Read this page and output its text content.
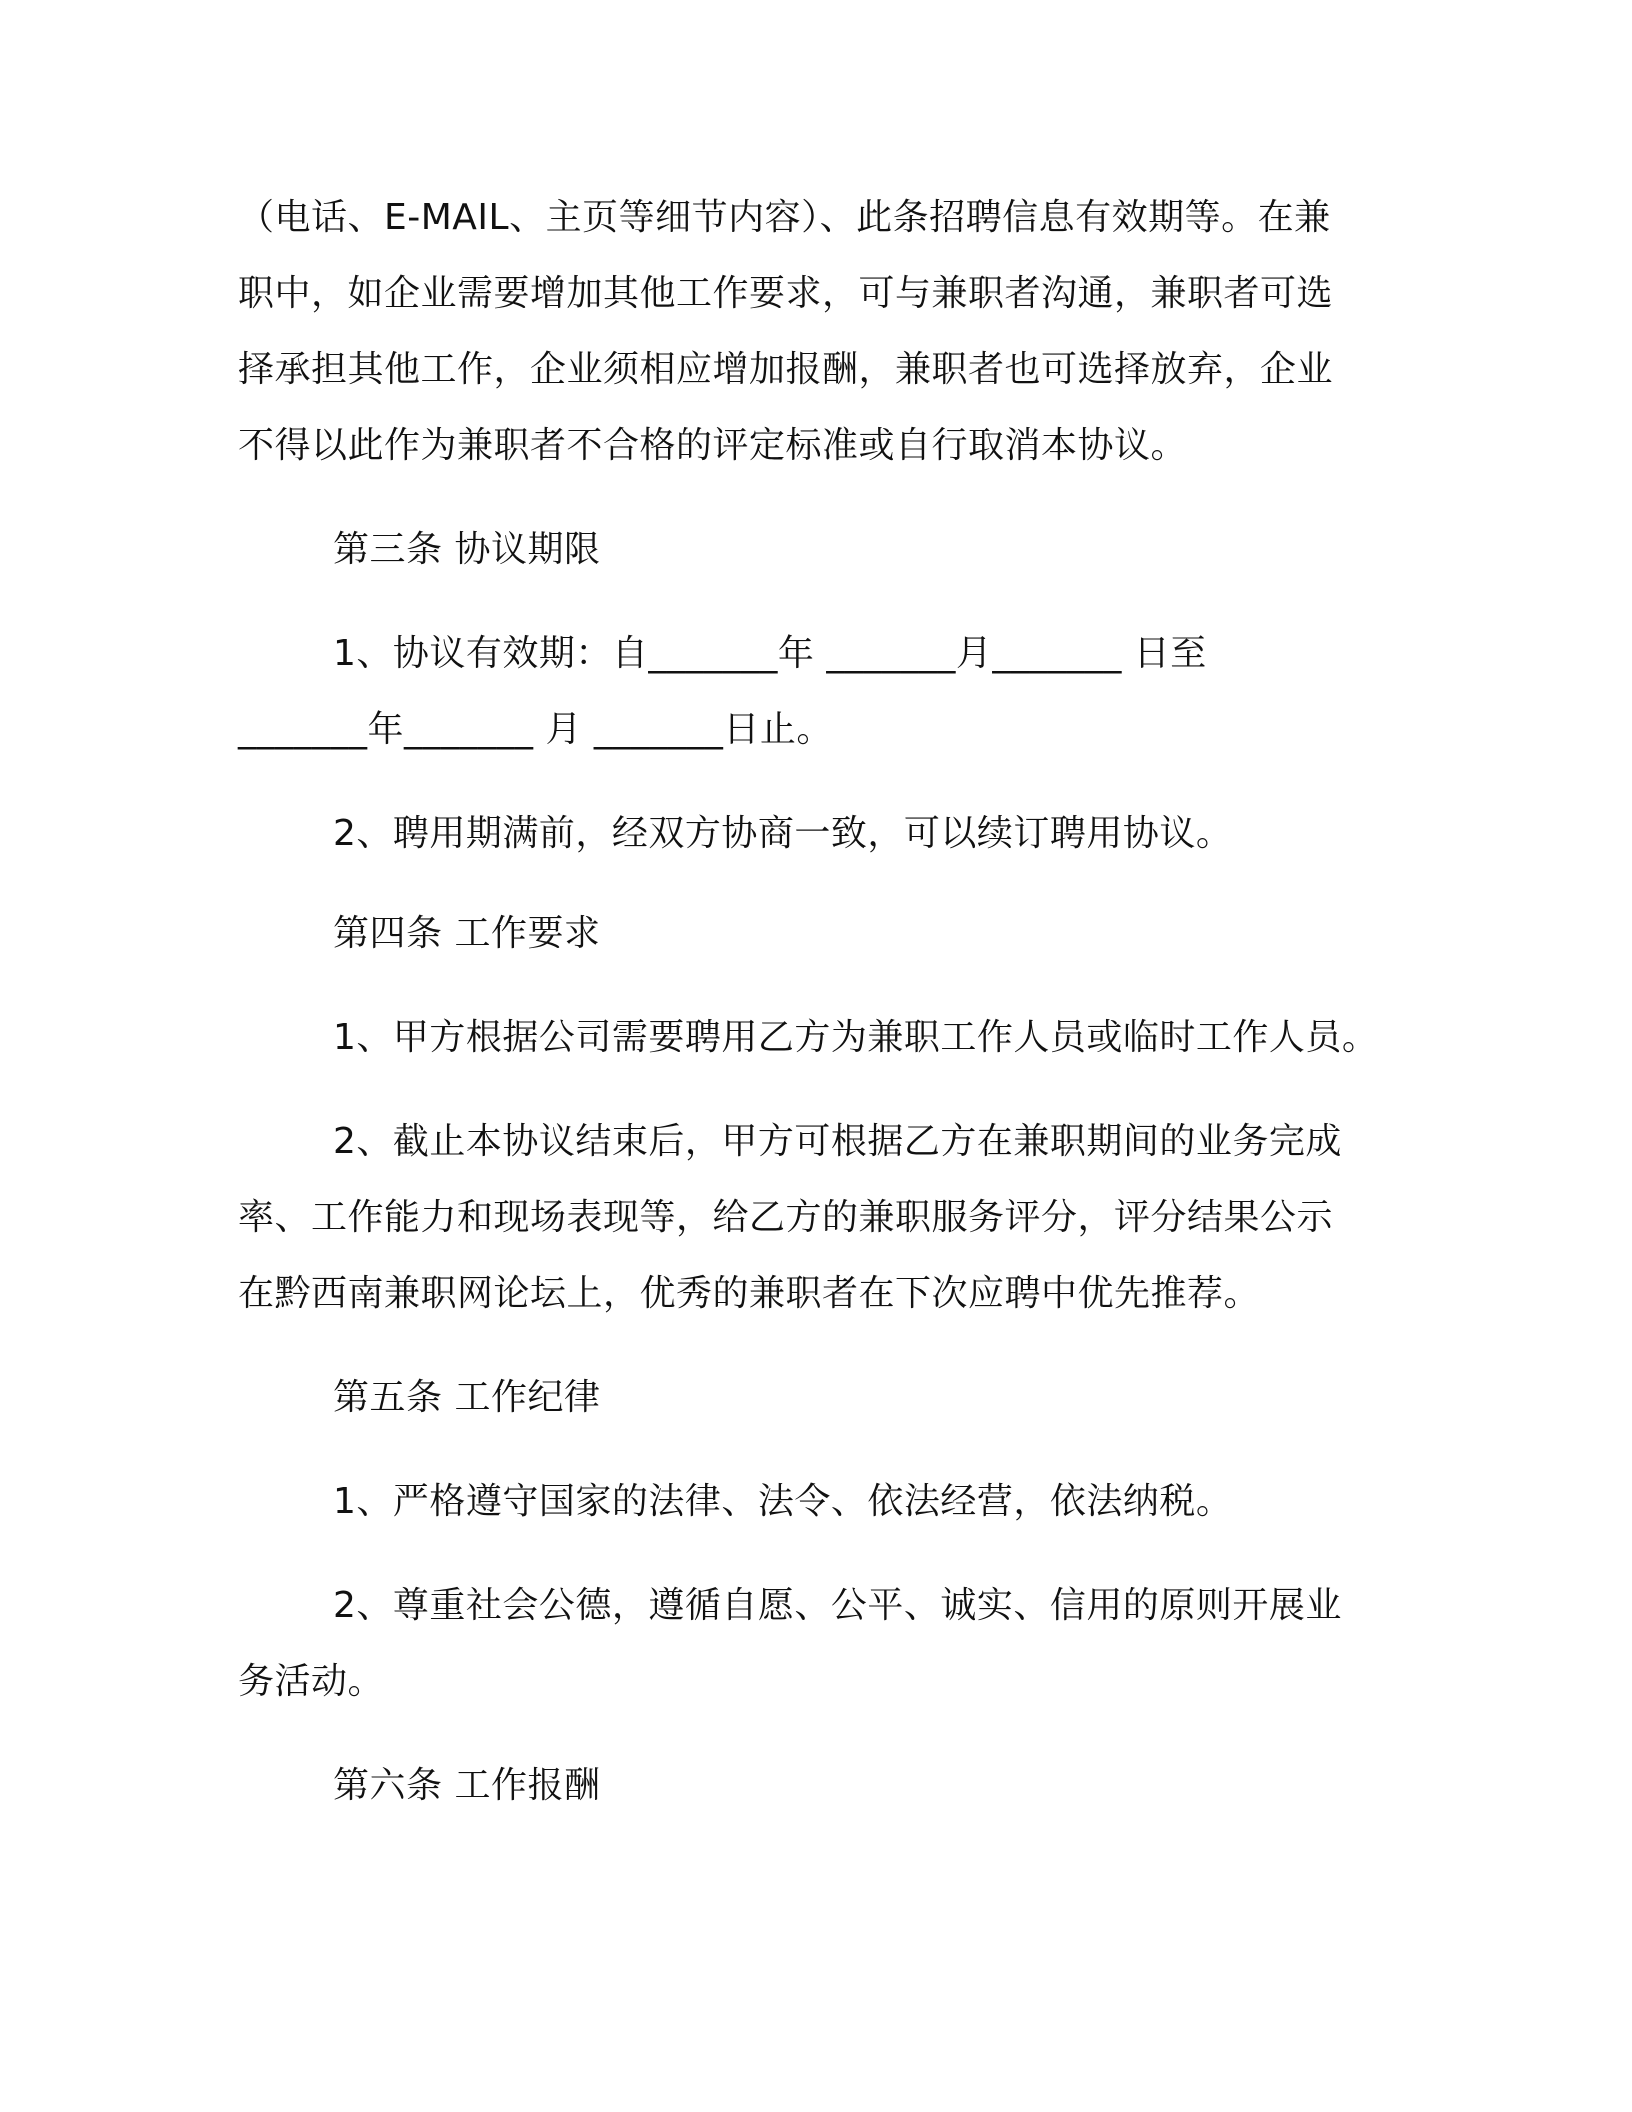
（电话、E-MAIL、主页等细节内容）、此条招聘信息有效期等。在兼
职中，如企业需要增加其他工作要求，可与兼职者沟通，兼职者可选
择承担其他工作，企业须相应增加报酬，兼职者也可选择放弃，企业
不得以此作为兼职者不合格的评定标准或自行取消本协议。
第三条 协议期限
1、协议有效期：自_______年 _______月_______ 日至
_______年_______ 月 _______日止。
2、聘用期满前，经双方协商一致，可以续订聘用协议。
第四条 工作要求
1、甲方根据公司需要聘用乙方为兼职工作人员或临时工作人员。
2、截止本协议结束后，甲方可根据乙方在兼职期间的业务完成
率、工作能力和现场表现等，给乙方的兼职服务评分，评分结果公示
在黔西南兼职网论坛上，优秀的兼职者在下次应聘中优先推荐。
第五条 工作纪律
1、严格遵守国家的法律、法令、依法经营，依法纳税。
2、尊重社会公德，遵循自愿、公平、诚实、信用的原则开展业
务活动。
第六条 工作报酬
